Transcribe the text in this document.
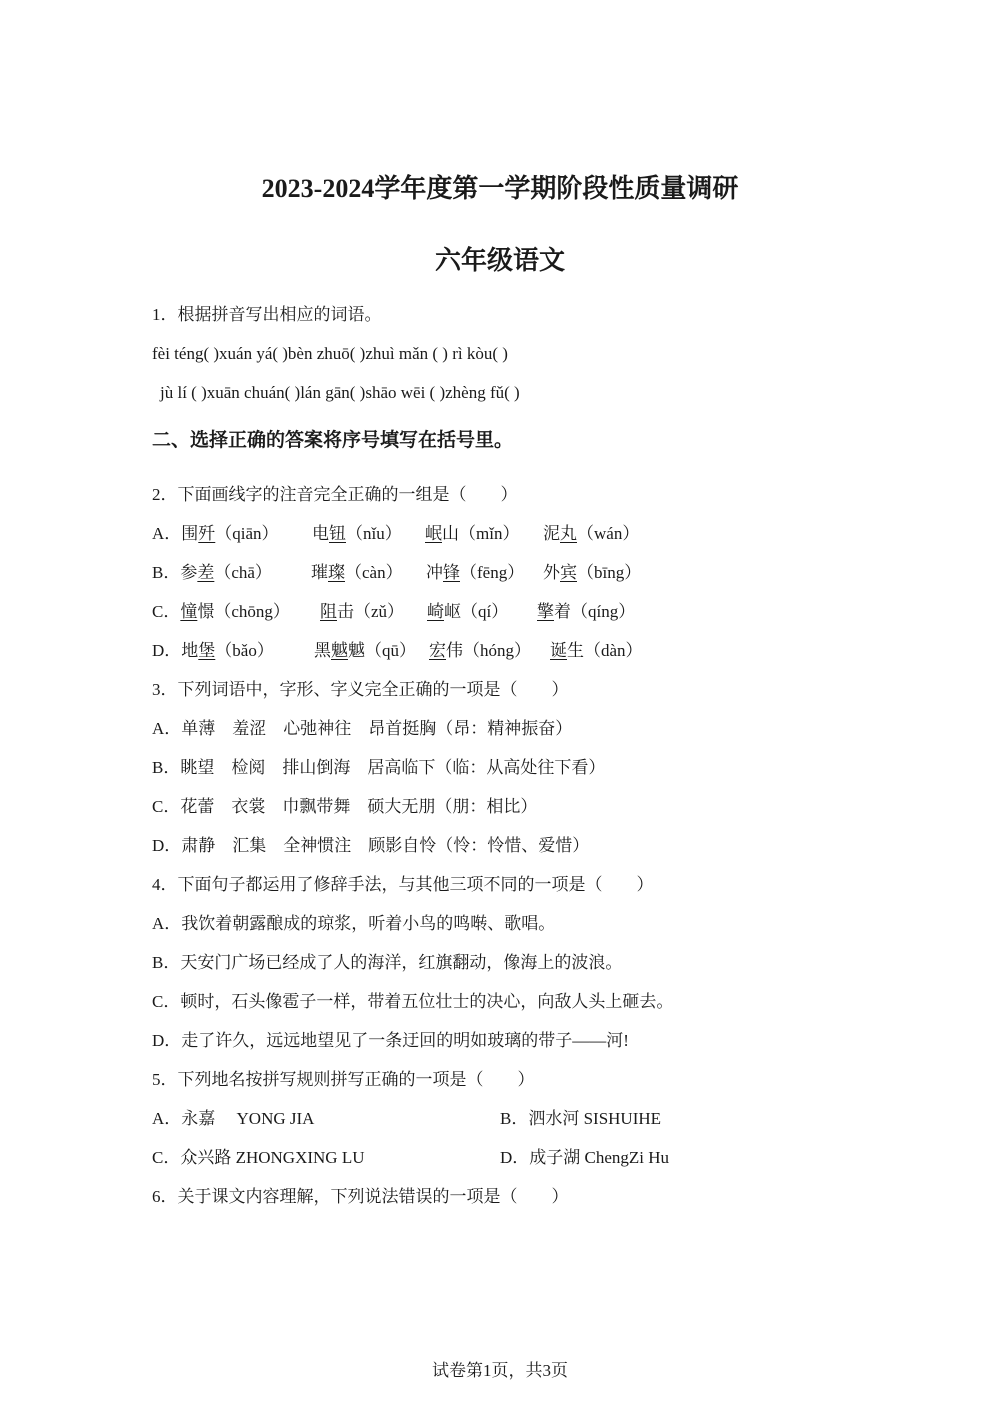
2023-2024学年度第一学期阶段性质量调研
六年级语文
1．根据拼音写出相应的词语。
fèi téng( )xuán yá( )bèn zhuō( )zhuì mǎn ( ) rì kòu( )
jù lí ( )xuān chuán( )lán gān( )shāo wēi ( )zhèng fǔ( )
二、选择正确的答案将序号填写在括号里。
2．下面画线字的注音完全正确的一组是（　　）
A．围歼（qiān） 电钮（nǐu） 岷山（mǐn） 泥丸（wán）
B．参差（chā） 璀璨（càn） 冲锋（fēng） 外宾（bīng）
C．憧憬（chōng） 阻击（zǔ） 崎岖（qí） 擎着（qíng）
D．地堡（bǎo） 黑魆魆（qū） 宏伟（hóng） 诞生（dàn）
3．下列词语中，字形、字义完全正确的一项是（　　）
A．单薄　羞涩　心弛神往　昂首挺胸（昂：精神振奋）
B．眺望　检阅　排山倒海　居高临下（临：从高处往下看）
C．花蕾　衣裳　巾飘带舞　硕大无朋（朋：相比）
D．肃静　汇集　全神惯注　顾影自怜（怜：怜惜、爱惜）
4．下面句子都运用了修辞手法，与其他三项不同的一项是（　　）
A．我饮着朝露酿成的琼浆，听着小鸟的鸣啭、歌唱。
B．天安门广场已经成了人的海洋，红旗翻动，像海上的波浪。
C．顿时，石头像雹子一样，带着五位壮士的决心，向敌人头上砸去。
D．走了许久，远远地望见了一条迂回的明如玻璃的带子——河!
5．下列地名按拼写规则拼写正确的一项是（　　）
A．永嘉　 YONG JIA	B．泗水河 SISHUIHE
C．众兴路 ZHONGXING LU	D．成子湖 ChengZi Hu
6．关于课文内容理解，下列说法错误的一项是（　　）
试卷第1页，共3页
